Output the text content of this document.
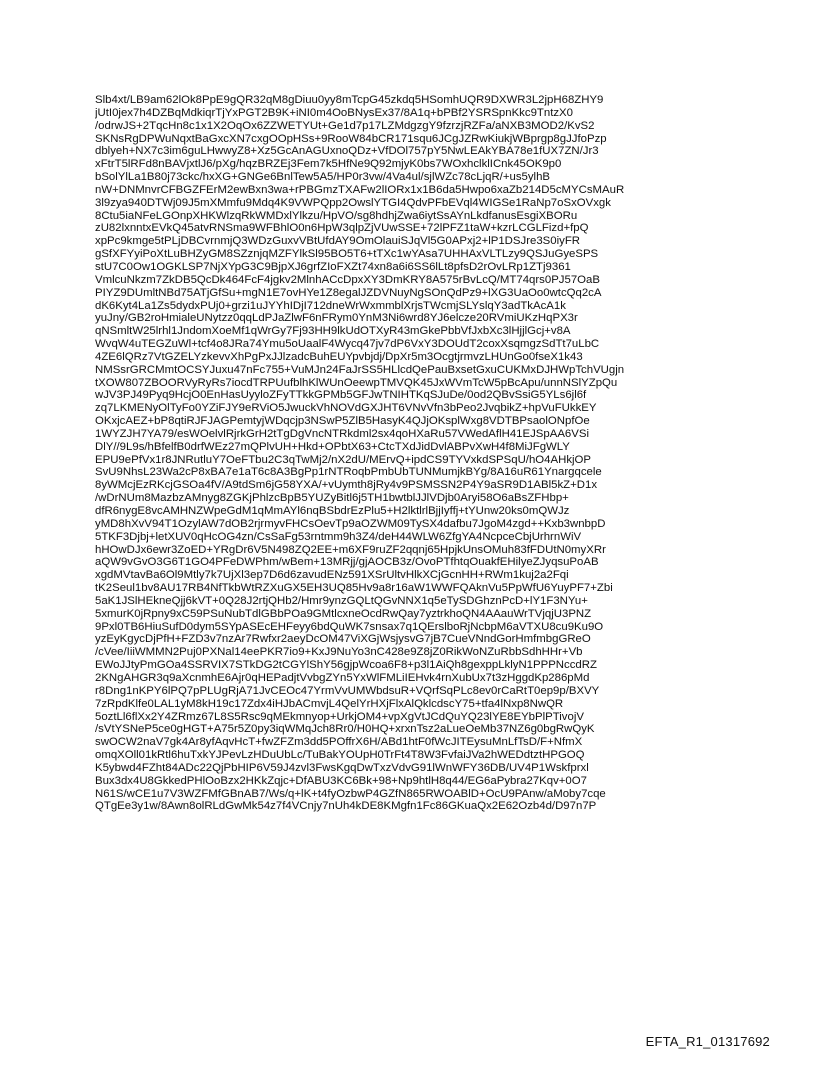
Slb4xt/LB9am62lOk8PpE9gQR32qM8gDiuu0yy8mTcpG45zkdq5HSomhUQR9DXWR3L2jpH68ZHY9
jUtI0jex7h4DZBqMdkiqrTjYxPGT2B9K+iNI0m4OoBNysEx37/8A1q+bPBf2YSRSpnKkc9TntzX0
/odrwJS+2TqcHn8c1x1X2OqOx6ZZWETYUt+Ge1d7p17LZMdgzgY9fzrzjRZFa/aNXB3MOD2/KvS2
SKNsRgDPWuNqxtBaGxcXN7cxgOOpHSs+9RooW84bCR171squ6JCgJZRwKiukjWBprgp8gJJfoPzp
dblyeh+NX7c3im6guLHwwyZ8+Xz5GcAnAGUxnoQDz+VfDOl757pY5NwLEAkYBA78e1fUX7ZN/Jr3
xFtrT5lRFd8nBAVjxtlJ6/pXg/hqzBRZEj3Fem7k5HfNe9Q92mjyK0bs7WOxhclklICnk45OK9p0
bSolYlLa1B80j73ckc/hxXG+GNGe6BnlTew5A5/HP0r3vw/4Va4ul/sjlWZc78cLjqR/+us5ylhB
nW+DNMnvrCFBGZFErM2ewBxn3wa+rPBGmzTXAFw2lIORx1x1B6da5Hwpo6xaZb214D5cMYCsMAuR
3l9zya940DTWj09J5mXMmfu9Mdq4K9VWPQpp2OwslYTGI4QdvPFbEVql4WIGSe1RaNp7oSxOVxgk
8Ctu5iaNFeLGOnpXHKWlzqRkWMDxlYlkzu/HpVO/sg8hdhjZwa6iytSsAYnLkdfanusEsgiXBORu
zU82lxnntxEVkQ45atvRNSma9WFBhlO0n6HpW3qlpZjVUwSSE+72lPFZ1taW+kzrLCGLFizd+fpQ
xpPc9kmge5tPLjDBCvrnmjQ3WDzGuxvVBtUfdAY9OmOlauiSJqVl5G0APxj2+lP1DSJre3S0iyFR
gSfXFYyiPoXtLuBHZyGM8SZznjqMZFYlkSl95BO5T6+tTXc1wYAsa7UHHAxVLTLzy9QSJuGyeSPS
stU7C0Ow1OGKLSP7NjXYpG3C9BjpXJ6grfZIoFXZt74xn8a6i6SS6lLt8pfsD2rOvLRp1ZTj9361
VmlcuNkzm7ZkDB5QcDk464FcF4jgkv2MlnhACcDpxXY3DmKRY8A575rBvLcQ/MT74qrs0PJ57OaB
PIYZ9DUmltNBd75ATjGfSu+mgN1E7ovHYe1Z8egalJZDVNuyNgSOnQdPz9+lXG3UaOo0wtcQq2cA
dK6Kyt4La1Zs5dydxPUj0+grzi1uJYYhIDjI712dneWrWxmmblXrjsTWcmjSLYslqY3adTkAcA1k
yuJny/GB2roHmialeUNytzz0qqLdPJaZlwF6nFRym0YnM3Ni6wrd8YJ6elcze20RVmiUKzHqPX3r
qNSmltW25lrhl1JndomXoeMf1qWrGy7Fj93HH9lkUdOTXyR43mGkePbbVfJxbXc3lHjjlGcj+v8A
WvqW4uTEGZuWl+tcf4o8JRa74Ymu5oUaalF4Wycq47jv7dP6VxY3DOUdT2coxXsqmgzSdTt7uLbC
4ZE6lQRz7VtGZELYzkevvXhPgPxJJlzadcBuhEUYpvbjdj/DpXr5m3OcgtjrmvzLHUnGo0fseX1k43
NMSsrGRCMmtOCSYJuxu47nFc755+VuMJn24FaJrSS5HLlcdQePauBxsetGxuCUKMxDJHWpTchVUgjn
tXOW807ZBOORVyRyRs7iocdTRPUufblhKlWUnOeewpTMVQK45JxWVmTcW5pBcApu/unnNSlYZpQu
wJV3PJ49Pyq9HcjO0EnHasUyyloZFyTTkkGPMb5GFJwTNIHTKqSJuDe/0od2QBvSsiG5YLs6jl6f
zq7LKMENyOlTyFo0YZiFJY9eRViO5JwuckVhNOVdGXJHT6VNvVfn3bPeo2JvqbikZ+hpVuFUkkEY
OKxjcAEZ+bP8qtiRJFJAGPemtyjWDqcjp3NSwP5ZlB5HasyK4QJjOKsplWxg8VDTBPsaolONpfOe
1WYZJH7YA79/esWOelvlRjrkGrH2tTgDgVncNTRkdml2sx4qoHXaRu57VWedAflH41EJSpAA6VSi
DlY//9L9s/hBfelfB0drfWEz27mQPlvUH+Hkd+OPbtX63+CtcTXdJidDvlABPvXwH4f8MiJFgWLY
EPU9ePfVx1r8JNRutluY7OeFTbu2C3qTwMj2/nX2dU/MErvQ+ipdCS9TYVxkdSPSqU/hO4AHkjOP
SvU9NhsL23Wa2cP8xBA7e1aT6c8A3BgPp1rNTRoqbPmbUbTUNMumjkBYg/8A16uR61Ynargqcele
8yWMcjEzRKcjGSOa4fV/A9tdSm6jG58YXA/+vUymth8jRy4v9PSMSSN2P4Y9aSR9D1ABl5kZ+D1x
/wDrNUm8MazbzAMnyg8ZGKjPhlzcBpB5YUZyBitl6j5TH1bwtblJJlVDjb0Aryi58O6aBsZFHbp+
dfR6nygE8vcAMHNZWpeGdM1qMmAYl6nqBSbdrEzPlu5+H2lktlrlBjjIyffj+tYUnw20ks0mQWJz
yMD8hXvV94T1OzylAW7dOB2rjrmyvFHCsOevTp9aOZWM09TySX4dafbu7JgoM4zgd++Kxb3wnbpD
5TKF3Djbj+letXUV0qHcOG4zn/CsSaFg53rntmm9h3Z4/deH44WLW6ZfgYA4NcpceCbjUrhrnWiV
hHOwDJx6ewr3ZoED+YRgDr6V5N498ZQ2EE+m6XF9ruZF2qqnj65HpjkUnsOMuh83fFDUtN0myXRr
aQW9vGvO3G6T1GO4PFeDWPhm/wBem+13MRjj/gjAOCB3z/OvoPTfhtqOuakfEHilyeZJyqsuPoAB
xgdMVtavBa6Ol9Mtly7k7UjXl3ep7D6d6zavudENz591XSrUltvHlkXCjGcnHH+RWm1kuj2a2Fqi
tK2Seul1bv8AU17RB4NfTkbWtRZXuGX5EH3UQ85Hv9a8r16aW1WWFQAknVu5PpWfU6YuyPF7+Zbi
5aK1JSlHEkneQjj6kVT+0Q28J2rtjQHb2/Hmr9ynzGQLtQGvNNX1q5eTySDGhznPcD+lY1F3NYu+
5xmurK0jRpny9xC59PSuNubTdlGBbPOa9GMtlcxneOcdRwQay7yztrkhoQN4AAauWrTVjqjU3PNZ
9Pxl0TB6HiuSufD0dym5SYpASEcEHFeyy6bdQuWK7snsax7q1QErslboRjNcbpM6aVTXU8cu9Ku9O
yzEyKgycDjPfH+FZD3v7nzAr7Rwfxr2aeyDcOM47ViXGjWsjysvG7jB7CueVNndGorHmfmbgGReO
/cVee/IiiWMMN2Puj0PXNal14eePKR7io9+KxJ9NuYo3nC428e9Z8jZ0RikWoNZuRbbSdhHHr+Vb
EWoJJtyPmGOa4SSRVIX7STkDG2tCGYlShY56gjpWcoa6F8+p3l1AiQh8gexppLklyN1PPPNccdRZ
2KNgAHGR3q9aXcnmhE6Ajr0qHEPadjtVvbgZYn5YxWlFMLiIEHvk4rnXubUx7t3zHggdKp286pMd
r8Dng1nKPY6lPQ7pPLUgRjA71JvCEOc47YrmVvUMWbdsuR+VQrfSqPLc8ev0rCaRtT0ep9p/BXVY
7zRpdKlfe0LAL1yM8kH19c17Zdx4iHJbACmvjL4QelYrHXjFlxAlQklcdscY75+tfa4lNxp8NwQR
5oztLl6flXx2Y4ZRmz67L8S5Rsc9qMEkmnyop+UrkjOM4+vpXgVtJCdQuYQ23lYE8EYbPlPTivojV
/sVtYSNeP5ce0gHGT+A75r5Z0py3iqWMqJch8Rr0/H0HQ+xrxnTsz2aLueOeMb37NZ6g0bgRwQyK
swOCW2naV7gk4Ar8yfAqvHcT+fwZFZm3dd5POffrX6H/ABd1htF0fWcJITEysuMnLfTsD/F+NfmX
omqXOll01kRtl6huTxkYJPevLzHDuUbLc/TuBakYOUpH0TrFt4T8W3FvfaiJVa2hWEDdtztHPGOQ
K5ybwd4FZht84ADc22QjPbHIP6V59J4zvl3FwsKgqDwTxzVdvG91lWnWFY36DB/UV4P1Wskfprxl
Bux3dx4U8GkkedPHlOoBzx2HKkZqjc+DfABU3KC6Bk+98+Np9htlH8q44/EG6aPybra27Kqv+0O7
N61S/wCE1u7V3WZFMfGBnAB7/Ws/q+lK+t4fyOzbwP4GZfN865RWOABlD+OcU9PAnw/aMoby7cqe
QTgEe3y1w/8Awn8olRLdGwMk54z7f4VCnjy7nUh4kDE8KMgfn1Fc86GKuaQx2E62Ozb4d/D97n7P
EFTA_R1_01317692
